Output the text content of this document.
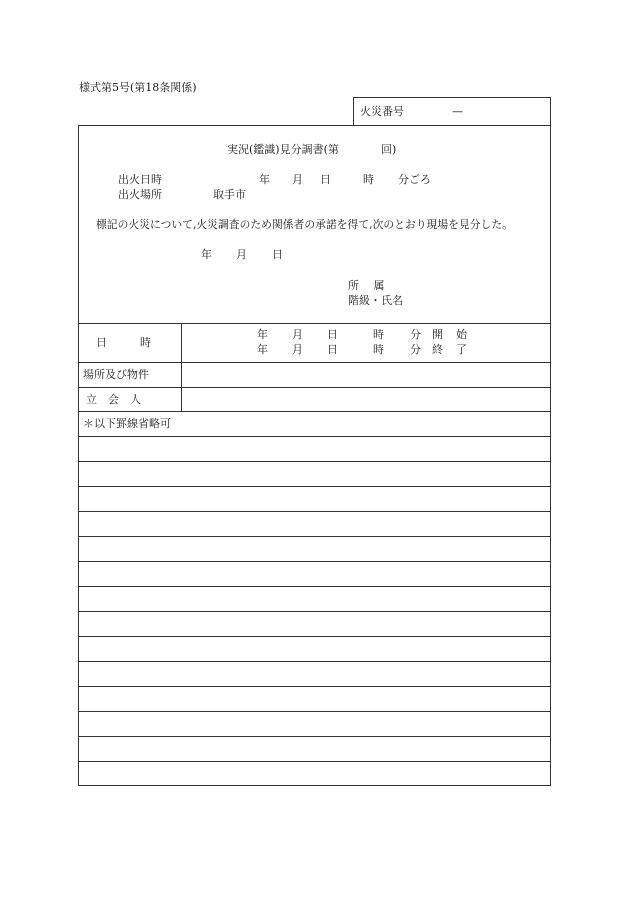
様式第5号(第18条関係)
火災番号	—
実況(鑑識)見分調書(第	回)
出火日時	年 月 日	時 分ごろ
出火場所	取手市
標記の火災について,火災調査のため関係者の承諾を得て,次のとおり現場を見分した。
年 月 日
所　 属
階級・氏名
日　　　時
年 月 日	時 分 開 始
年 月 日	時 分 終 了
場所及び物件
立　会　人
＊以下罫線省略可
